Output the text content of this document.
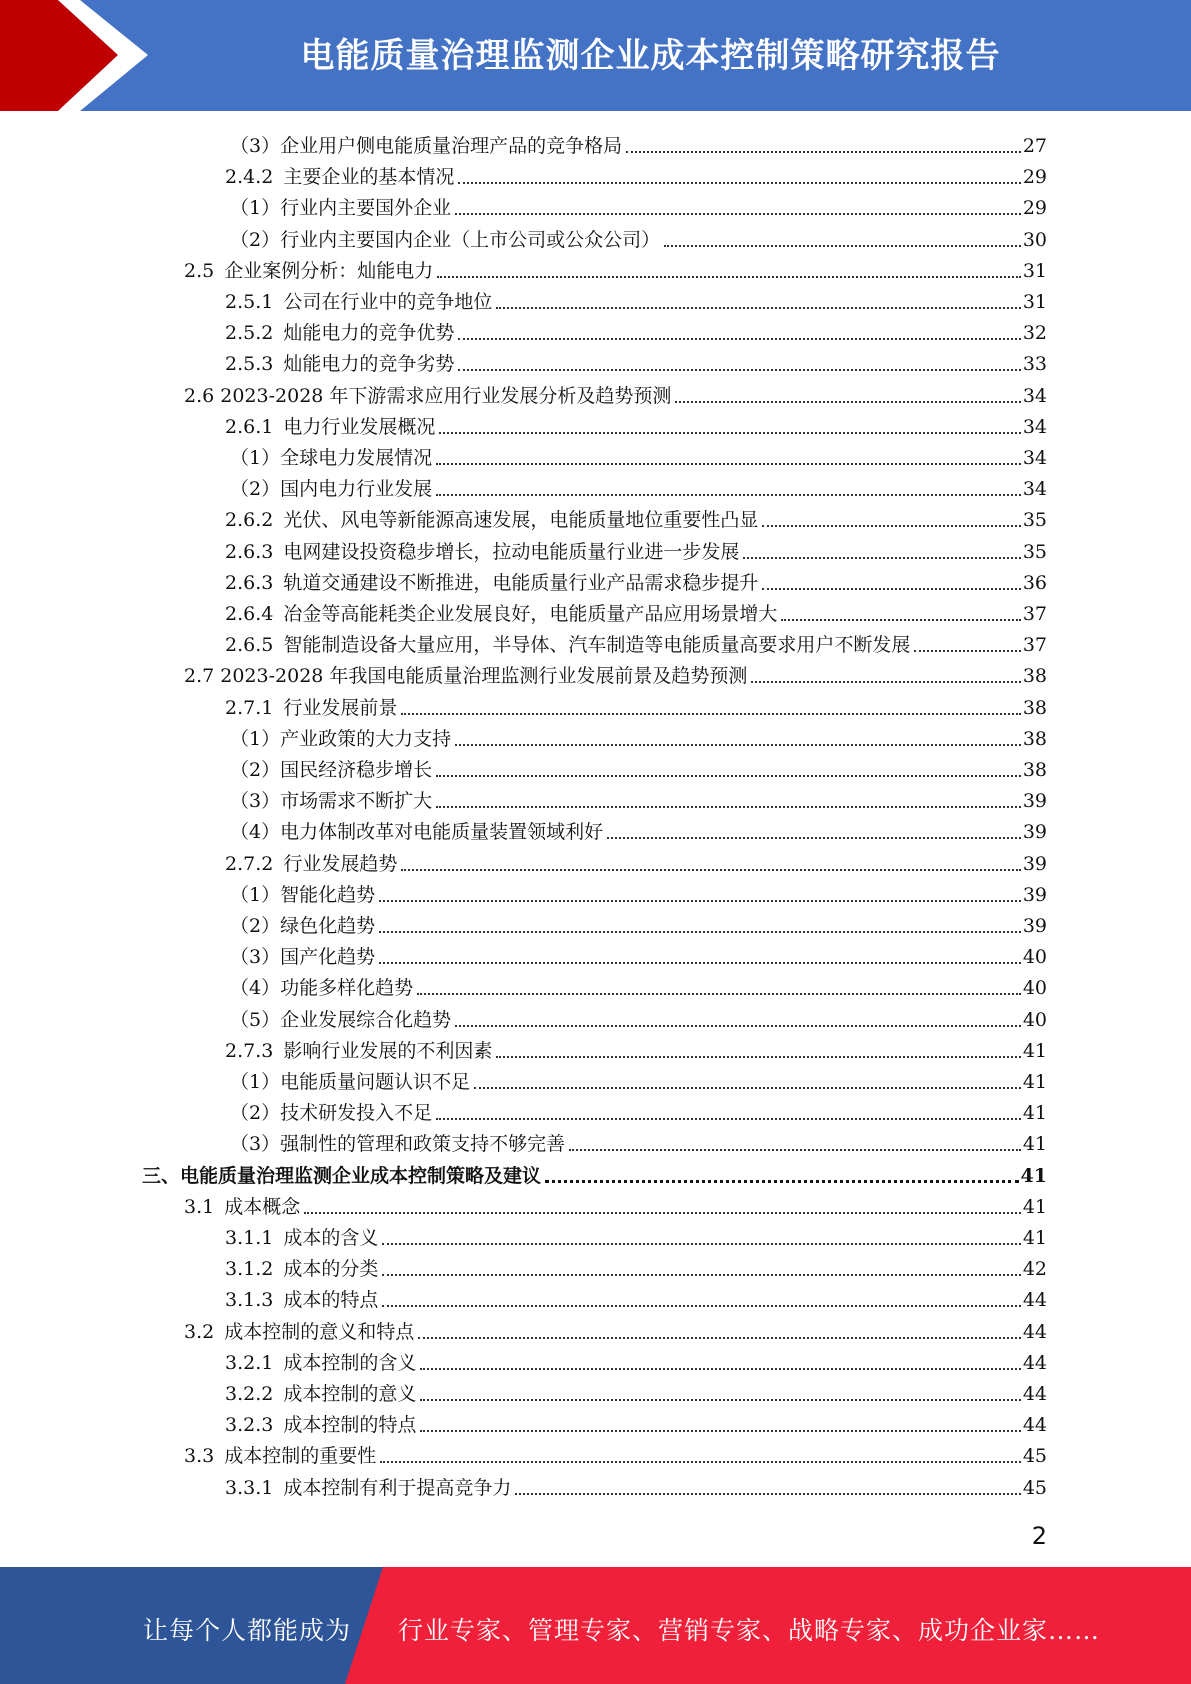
电能质量治理监测企业成本控制策略研究报告
（3）企业用户侧电能质量治理产品的竞争格局	27
2.4.2 主要企业的基本情况	29
（1）行业内主要国外企业	29
（2）行业内主要国内企业（上市公司或公众公司）	30
2.5 企业案例分析：灿能电力	31
2.5.1 公司在行业中的竞争地位	31
2.5.2 灿能电力的竞争优势	32
2.5.3 灿能电力的竞争劣势	33
2.6 2023-2028 年下游需求应用行业发展分析及趋势预测	34
2.6.1 电力行业发展概况	34
（1）全球电力发展情况	34
（2）国内电力行业发展	34
2.6.2 光伏、风电等新能源高速发展，电能质量地位重要性凸显	35
2.6.3 电网建设投资稳步增长，拉动电能质量行业进一步发展	35
2.6.3 轨道交通建设不断推进，电能质量行业产品需求稳步提升	36
2.6.4 冶金等高能耗类企业发展良好，电能质量产品应用场景增大	37
2.6.5 智能制造设备大量应用，半导体、汽车制造等电能质量高要求用户不断发展	37
2.7 2023-2028 年我国电能质量治理监测行业发展前景及趋势预测	38
2.7.1 行业发展前景	38
（1）产业政策的大力支持	38
（2）国民经济稳步增长	38
（3）市场需求不断扩大	39
（4）电力体制改革对电能质量装置领域利好	39
2.7.2 行业发展趋势	39
（1）智能化趋势	39
（2）绿色化趋势	39
（3）国产化趋势	40
（4）功能多样化趋势	40
（5）企业发展综合化趋势	40
2.7.3 影响行业发展的不利因素	41
（1）电能质量问题认识不足	41
（2）技术研发投入不足	41
（3）强制性的管理和政策支持不够完善	41
三、电能质量治理监测企业成本控制策略及建议	41
3.1 成本概念	41
3.1.1 成本的含义	41
3.1.2 成本的分类	42
3.1.3 成本的特点	44
3.2 成本控制的意义和特点	44
3.2.1 成本控制的含义	44
3.2.2 成本控制的意义	44
3.2.3 成本控制的特点	44
3.3 成本控制的重要性	45
3.3.1 成本控制有利于提高竞争力	45
2
让每个人都能成为 行业专家、管理专家、营销专家、战略专家、成功企业家……
